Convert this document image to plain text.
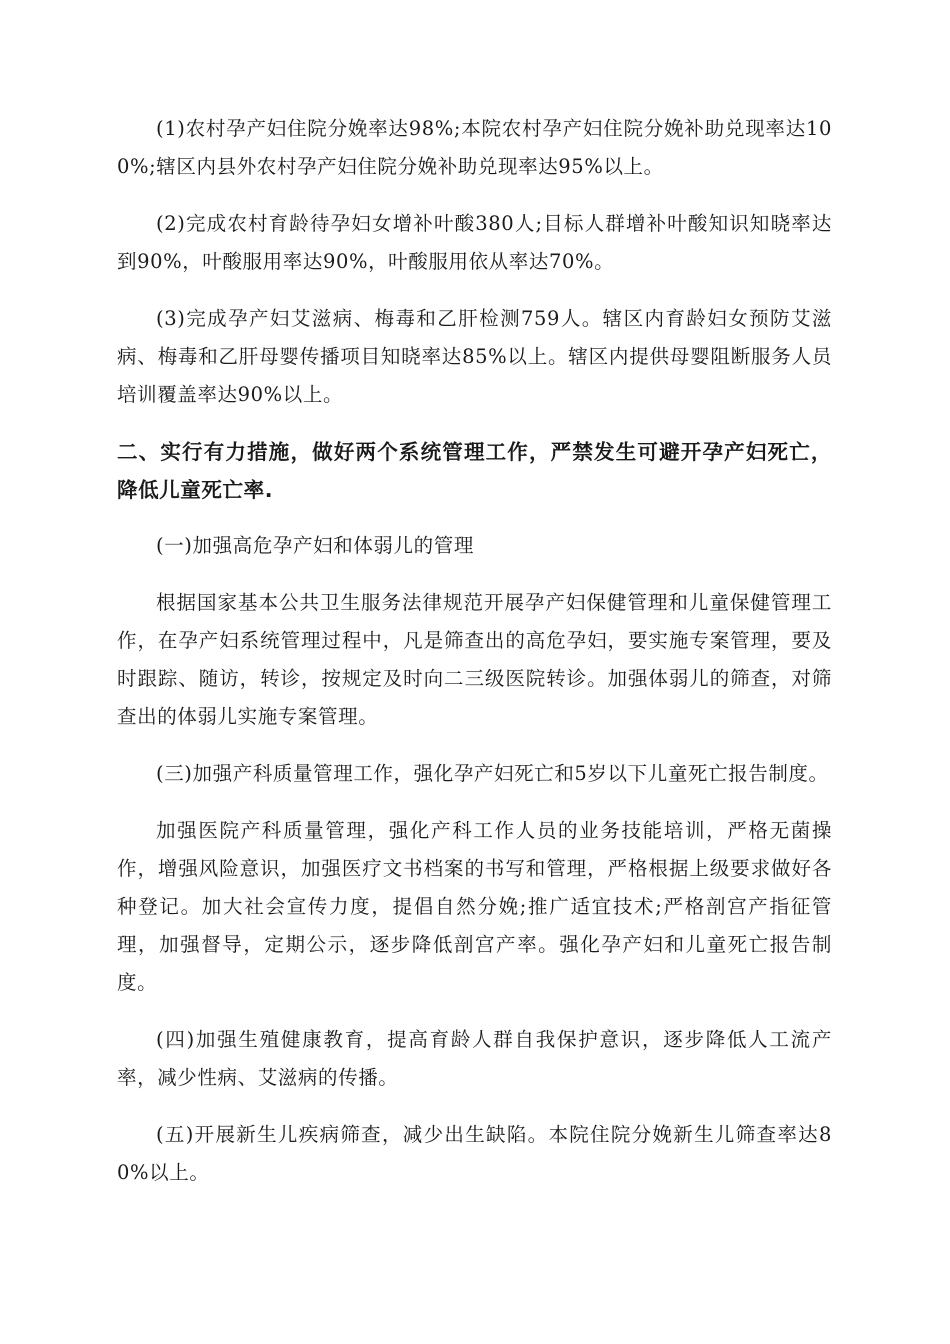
(1)农村孕产妇住院分娩率达98%;本院农村孕产妇住院分娩补助兑现率达100%;辖区内县外农村孕产妇住院分娩补助兑现率达95%以上。

(2)完成农村育龄待孕妇女增补叶酸380人;目标人群增补叶酸知识知晓率达到90%，叶酸服用率达90%，叶酸服用依从率达70%。

(3)完成孕产妇艾滋病、梅毒和乙肝检测759人。辖区内育龄妇女预防艾滋病、梅毒和乙肝母婴传播项目知晓率达85%以上。辖区内提供母婴阻断服务人员培训覆盖率达90%以上。

二、实行有力措施，做好两个系统管理工作，严禁发生可避开孕产妇死亡，降低儿童死亡率.

(一)加强高危孕产妇和体弱儿的管理

根据国家基本公共卫生服务法律规范开展孕产妇保健管理和儿童保健管理工作，在孕产妇系统管理过程中，凡是筛查出的高危孕妇，要实施专案管理，要及时跟踪、随访，转诊，按规定及时向二三级医院转诊。加强体弱儿的筛查，对筛查出的体弱儿实施专案管理。

(三)加强产科质量管理工作，强化孕产妇死亡和5岁以下儿童死亡报告制度。

加强医院产科质量管理，强化产科工作人员的业务技能培训，严格无菌操作，增强风险意识，加强医疗文书档案的书写和管理，严格根据上级要求做好各种登记。加大社会宣传力度，提倡自然分娩;推广适宜技术;严格剖宫产指征管理，加强督导，定期公示，逐步降低剖宫产率。强化孕产妇和儿童死亡报告制度。

(四)加强生殖健康教育，提高育龄人群自我保护意识，逐步降低人工流产率，减少性病、艾滋病的传播。

(五)开展新生儿疾病筛查，减少出生缺陷。本院住院分娩新生儿筛查率达80%以上。
